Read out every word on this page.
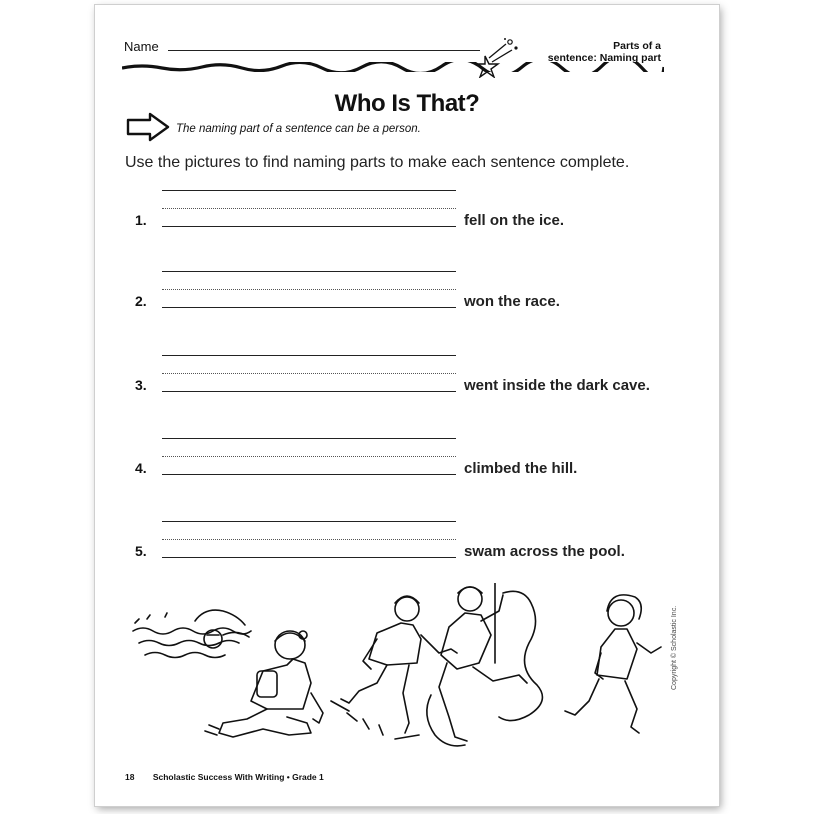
Name	Parts of a
sentence: Naming part
Who Is That?
The naming part of a sentence can be a person.
Use the pictures to find naming parts to make each sentence complete.
1.	fell on the ice.
2.	won the race.
3.	went inside the dark cave.
4.	climbed the hill.
5.	swam across the pool.
Copyright © Scholastic Inc.
18 Scholastic Success With Writing • Grade 1
